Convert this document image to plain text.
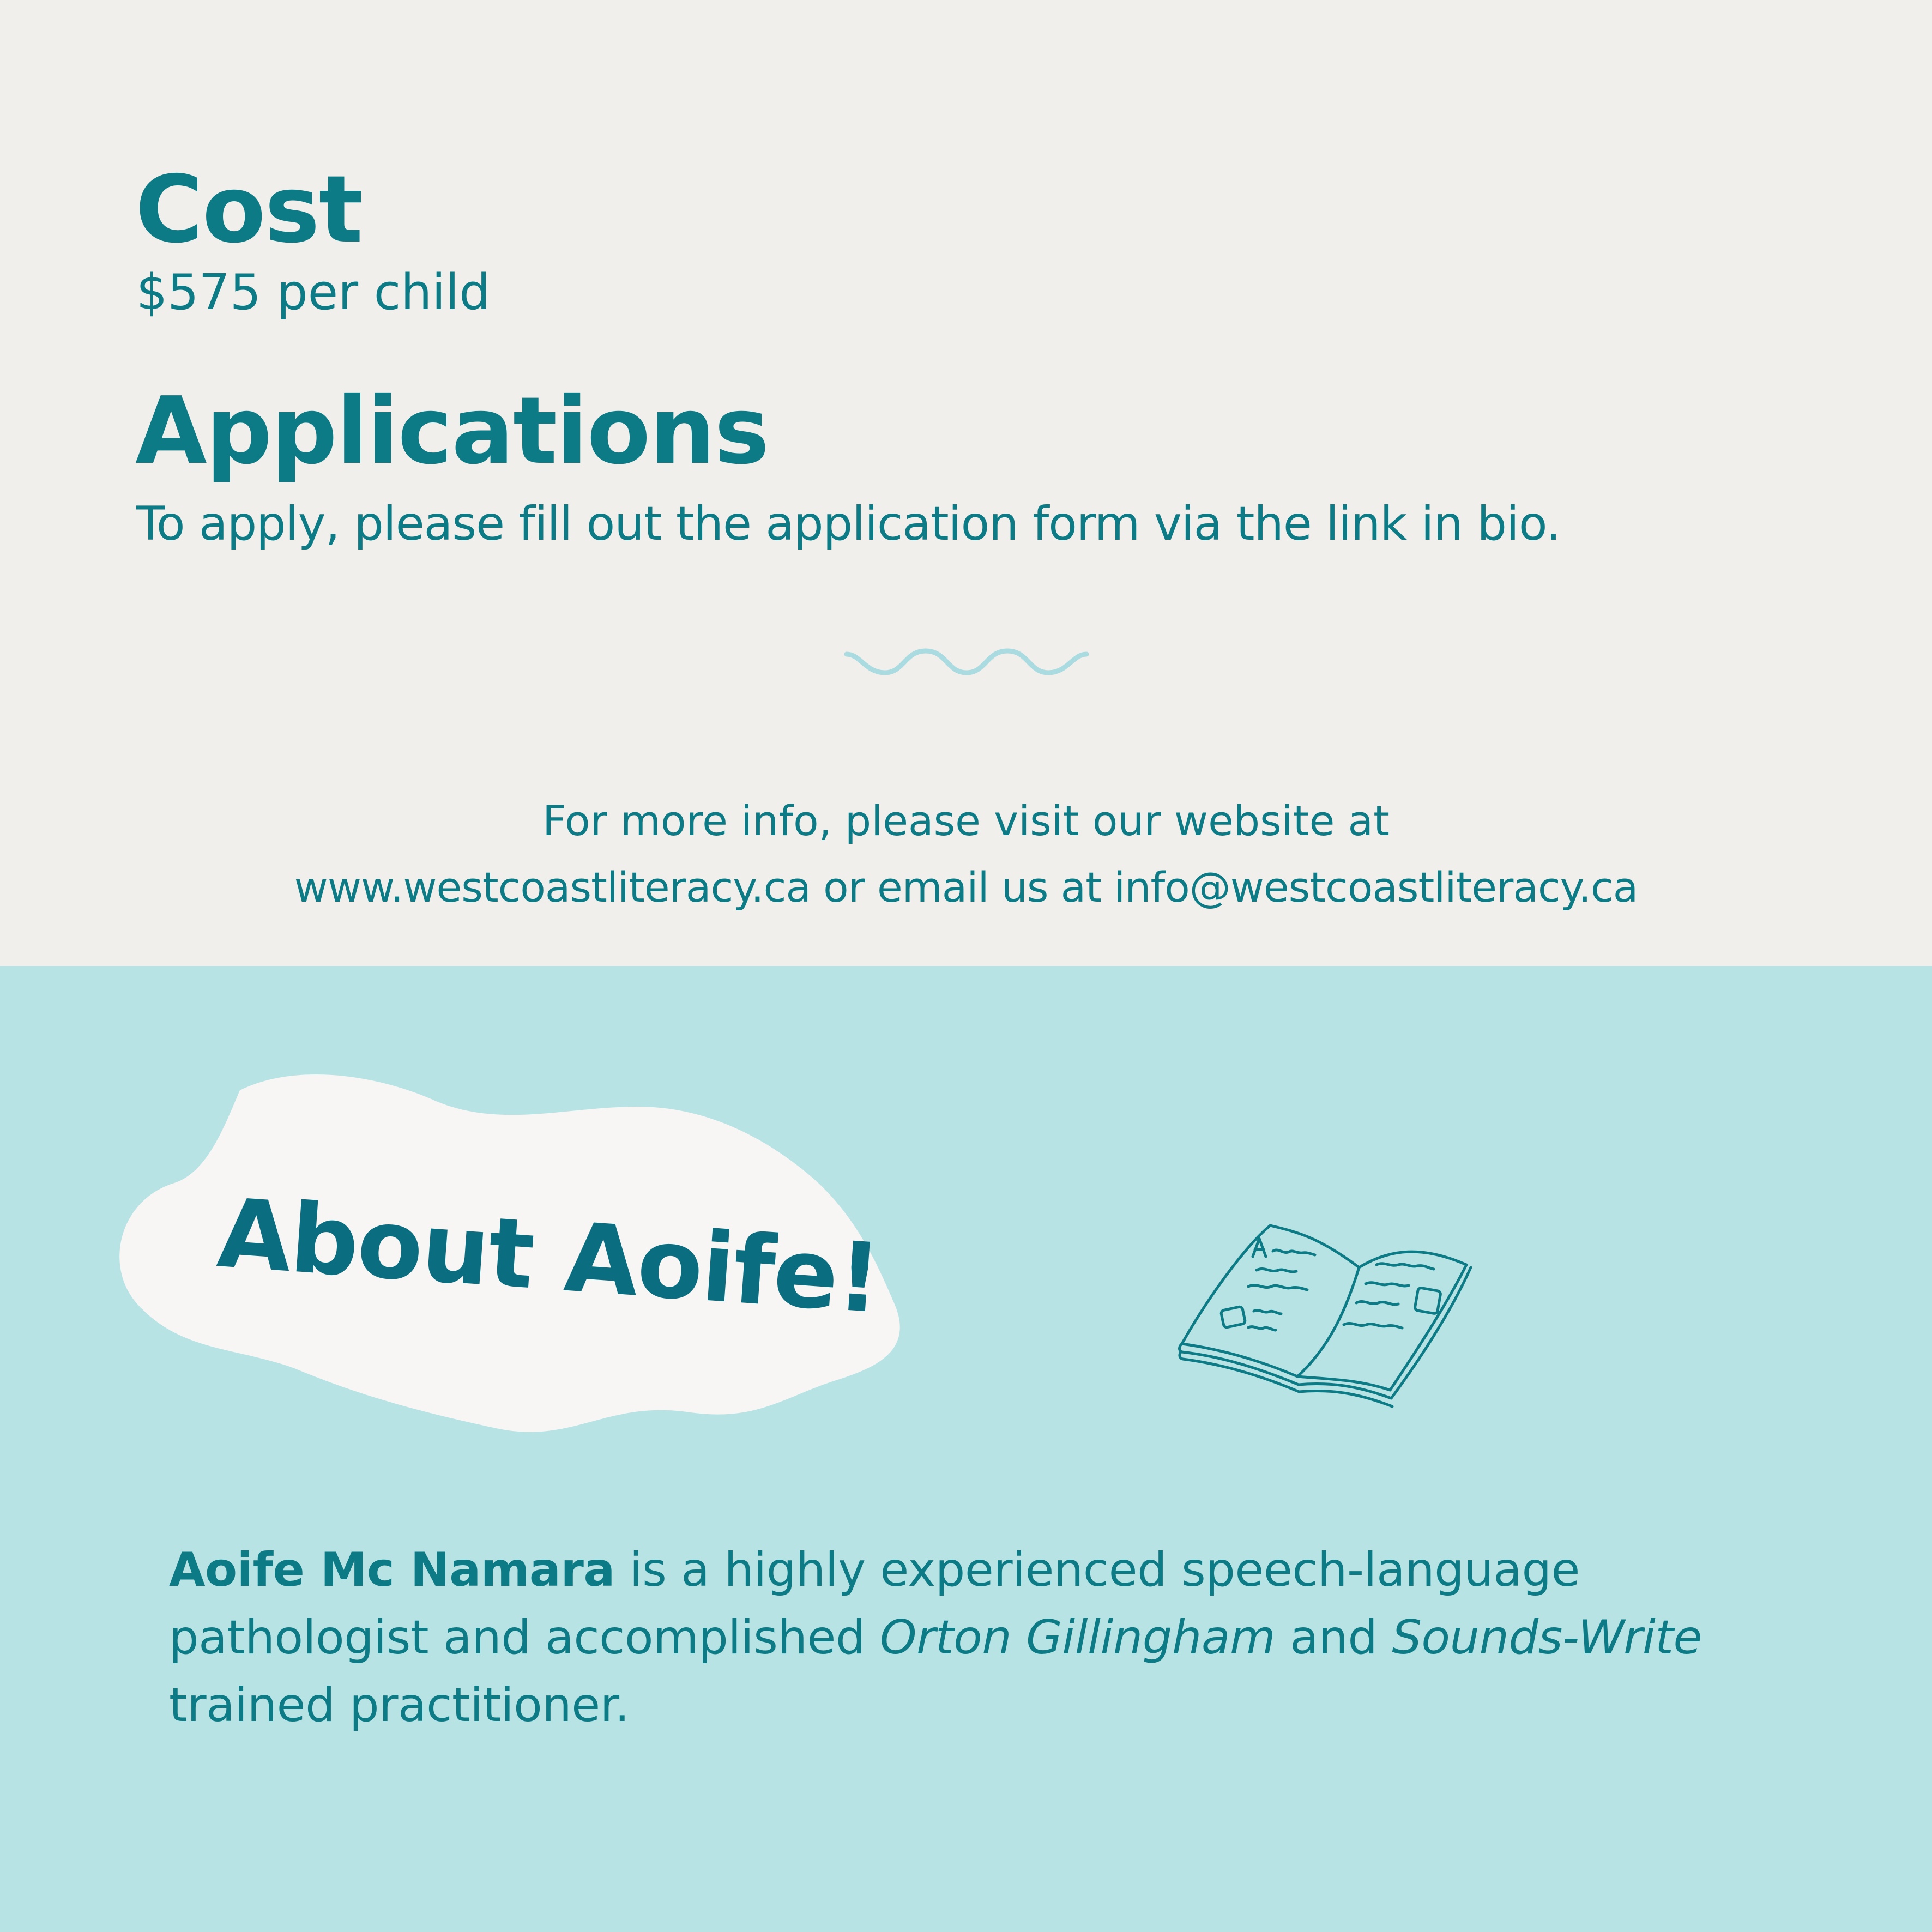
Cost

$575 per child

Applications

To apply, please fill out the application form via the link in bio.

For more info, please visit our website at

www.westcoastliteracy.ca or email us at info@westcoastliteracy.ca

About Aoife!

Aoife Mc Namara is a highly experienced speech-language pathologist and accomplished Orton Gillingham and Sounds-Write trained practitioner.
